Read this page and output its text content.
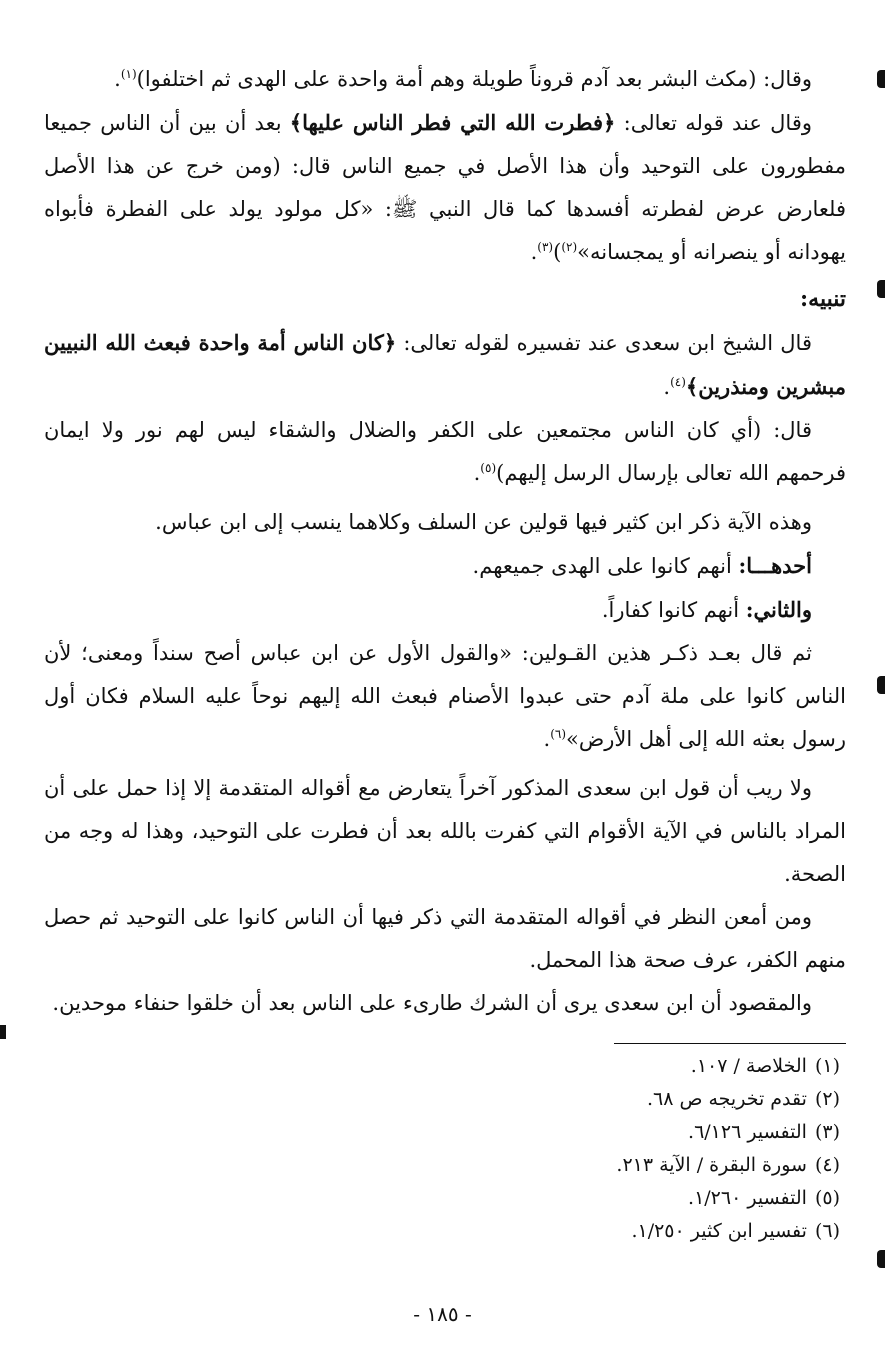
وقال: (مكث البشر بعد آدم قروناً طويلة وهم أمة واحدة على الهدى ثم اختلفوا)$^{(١)}$.

وقال عند قوله تعالى: ﴿فطرت الله التي فطر الناس عليها﴾ بعد أن بين أن الناس جميعا مفطورون على التوحيد وأن هذا الأصل في جميع الناس قال: (ومن خرج عن هذا الأصل فلعارض عرض لفطرته أفسدها كما قال النبي ﷺ: «كل مولود يولد على الفطرة فأبواه يهودانه أو ينصرانه أو يمجسانه»$^{(٢)}$)$^{(٣)}$.

تنبيه:

قال الشيخ ابن سعدى عند تفسيره لقوله تعالى: ﴿كان الناس أمة واحدة فبعث الله النبيين مبشرين ومنذرين﴾$^{(٤)}$.

قال: (أي كان الناس مجتمعين على الكفر والضلال والشقاء ليس لهم نور ولا ايمان فرحمهم الله تعالى بإرسال الرسل إليهم)$^{(٥)}$.

وهذه الآية ذكر ابن كثير فيها قولين عن السلف وكلاهما ينسب إلى ابن عباس.

أحدهـــا: أنهم كانوا على الهدى جميعهم.

والثاني: أنهم كانوا كفاراً.

ثم قال بعـد ذكـر هذين القـولين: «والقول الأول عن ابن عباس أصح سنداً ومعنى؛ لأن الناس كانوا على ملة آدم حتى عبدوا الأصنام فبعث الله إليهم نوحاً عليه السلام فكان أول رسول بعثه الله إلى أهل الأرض»$^{(٦)}$.

ولا ريب أن قول ابن سعدى المذكور آخراً يتعارض مع أقواله المتقدمة إلا إذا حمل على أن المراد بالناس في الآية الأقوام التي كفرت بالله بعد أن فطرت على التوحيد، وهذا له وجه من الصحة.

ومن أمعن النظر في أقواله المتقدمة التي ذكر فيها أن الناس كانوا على التوحيد ثم حصل منهم الكفر، عرف صحة هذا المحمل.

والمقصود أن ابن سعدى يرى أن الشرك طارىء على الناس بعد أن خلقوا حنفاء موحدين.

(١)الخلاصة / ١٠٧.
(٢)تقدم تخريجه ص ٦٨.
(٣)التفسير ٦/١٢٦.
(٤)سورة البقرة / الآية ٢١٣.
(٥)التفسير ١/٢٦٠.
(٦)تفسير ابن كثير ١/٢٥٠.
- ١٨٥ -
